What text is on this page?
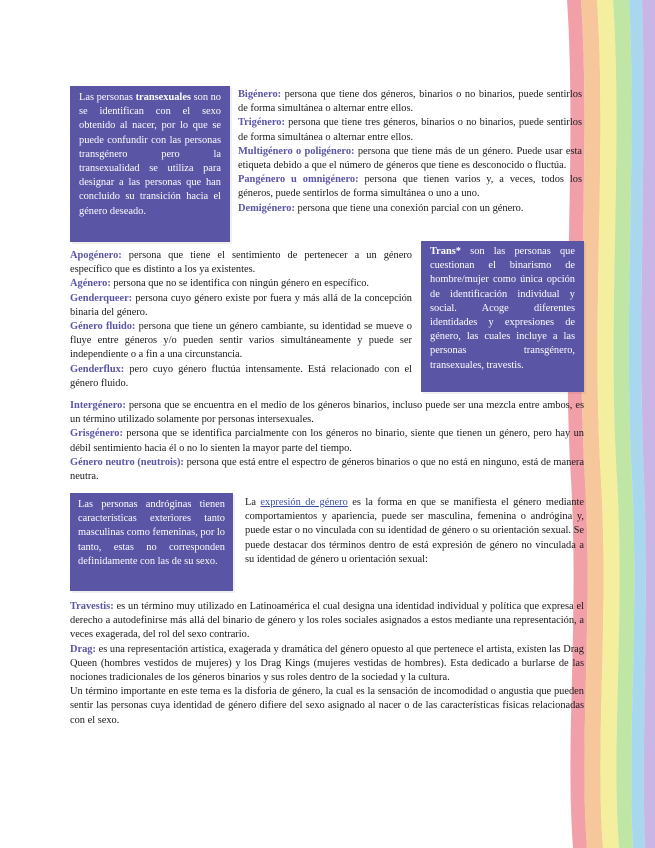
Las personas transexuales son no se identifican con el sexo obtenido al nacer, por lo que se puede confundir con las personas transgénero pero la transexualidad se utiliza para designar a las personas que han concluido su transición hacia el género deseado.

Bigénero: persona que tiene dos géneros, binarios o no binarios, puede sentirlos de forma simultánea o alternar entre ellos.

Trigénero: persona que tiene tres géneros, binarios o no binarios, puede sentirlos de forma simultánea o alternar entre ellos.

Multigénero o poligénero: persona que tiene más de un género. Puede usar esta etiqueta debido a que el número de géneros que tiene es desconocido o fluctúa.

Pangénero u omnigénero: persona que tienen varios y, a veces, todos los géneros, puede sentirlos de forma simultánea o uno a uno.

Demigénero: persona que tiene una conexión parcial con un género.

Apogénero: persona que tiene el sentimiento de pertenecer a un género específico que es distinto a los ya existentes.

Agénero: persona que no se identifica con ningún género en específico.

Genderqueer: persona cuyo género existe por fuera y más allá de la concepción binaria del género.

Género fluido: persona que tiene un género cambiante, su identidad se mueve o fluye entre géneros y/o pueden sentir varios simultáneamente y puede ser independiente o a fin a una circunstancia.

Genderflux: pero cuyo género fluctúa intensamente. Está relacionado con el género fluido.

Trans* son las personas que cuestionan el binarismo de hombre/mujer como única opción de identificación individual y social. Acoge diferentes identidades y expresiones de género, las cuales incluye a las personas transgénero, transexuales, travestis.

Intergénero: persona que se encuentra en el medio de los géneros binarios, incluso puede ser una mezcla entre ambos, es un término utilizado solamente por personas intersexuales.

Grisgénero: persona que se identifica parcialmente con los géneros no binario, siente que tienen un género, pero hay un débil sentimiento hacia él o no lo sienten la mayor parte del tiempo.

Género neutro (neutrois): persona que está entre el espectro de géneros binarios o que no está en ninguno, está de manera neutra.

Las personas andróginas tienen características exteriores tanto masculinas como femeninas, por lo tanto, estas no corresponden definidamente con las de su sexo.

La expresión de género es la forma en que se manifiesta el género mediante comportamientos y apariencia, puede ser masculina, femenina o andrógina y, puede estar o no vinculada con su identidad de género o su orientación sexual. Se puede destacar dos términos dentro de está expresión de género no vinculada a su identidad de género u orientación sexual:

Travestis: es un término muy utilizado en Latinoamérica el cual designa una identidad individual y política que expresa el derecho a autodefinirse más allá del binario de género y los roles sociales asignados a estos mediante una representación, a veces exagerada, del rol del sexo contrario.

Drag: es una representación artística, exagerada y dramática del género opuesto al que pertenece el artista, existen las Drag Queen (hombres vestidos de mujeres) y los Drag Kings (mujeres vestidas de hombres). Esta dedicado a burlarse de las nociones tradicionales de los géneros binarios y sus roles dentro de la sociedad y la cultura.

Un término importante en este tema es la disforia de género, la cual es la sensación de incomodidad o angustia que pueden sentir las personas cuya identidad de género difiere del sexo asignado al nacer o de las características físicas relacionadas con el sexo.
